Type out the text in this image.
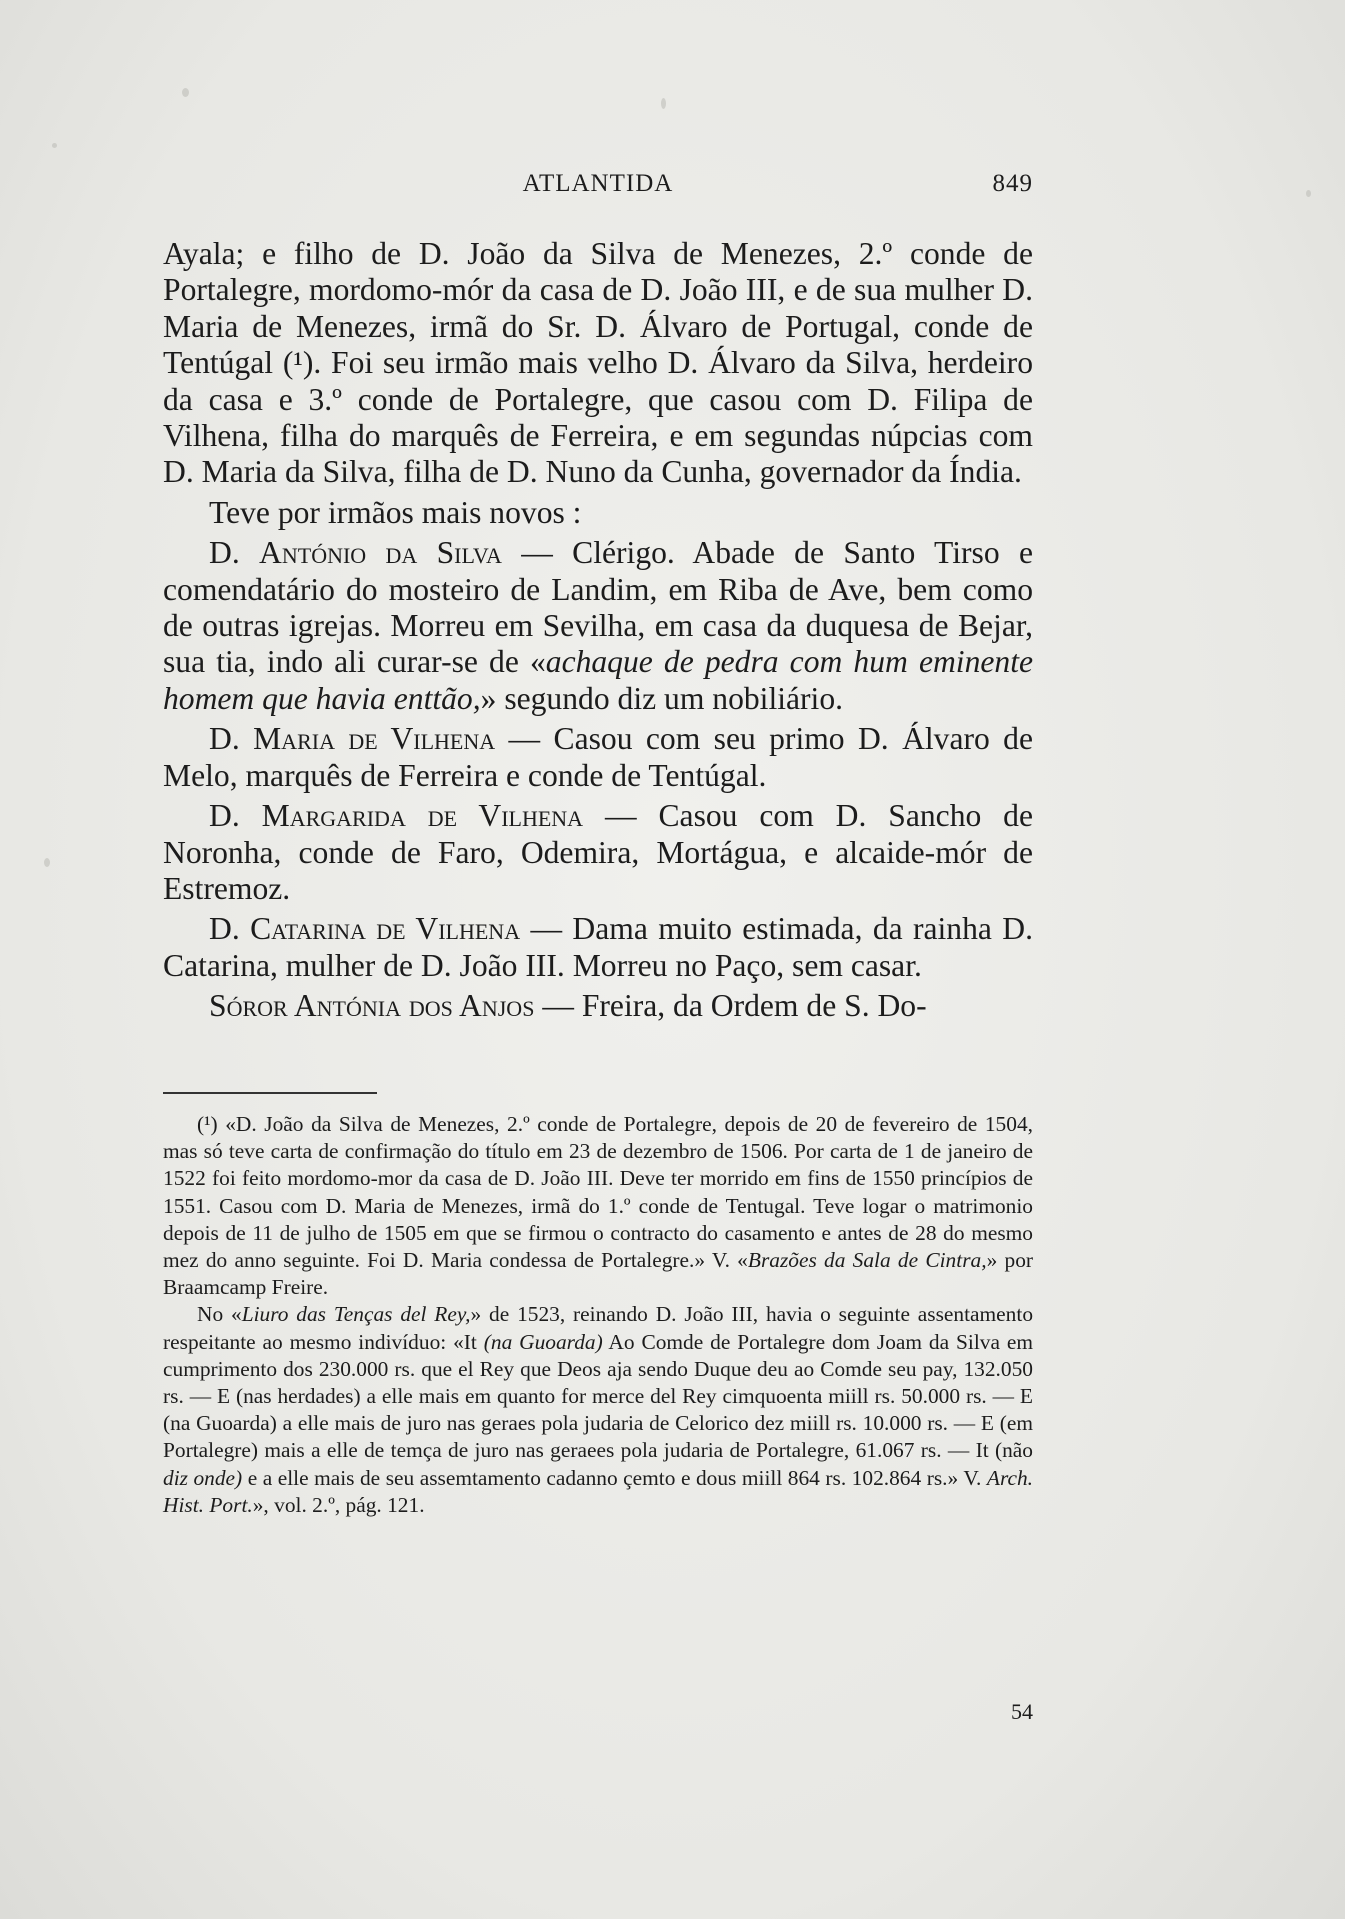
ATLANTIDA	849

Ayala; e filho de D. João da Silva de Menezes, 2.º conde de Portalegre, mordomo-mór da casa de D. João III, e de sua mulher D. Maria de Menezes, irmã do Sr. D. Álvaro de Portugal, conde de Tentúgal (¹). Foi seu irmão mais velho D. Álvaro da Silva, herdeiro da casa e 3.º conde de Portalegre, que casou com D. Filipa de Vilhena, filha do marquês de Ferreira, e em segundas núpcias com D. Maria da Silva, filha de D. Nuno da Cunha, governador da Índia.

Teve por irmãos mais novos :

D. António da Silva — Clérigo. Abade de Santo Tirso e comendatário do mosteiro de Landim, em Riba de Ave, bem como de outras igrejas. Morreu em Sevilha, em casa da duquesa de Bejar, sua tia, indo ali curar-se de «achaque de pedra com hum eminente homem que havia enttão,» segundo diz um nobiliário.

D. Maria de Vilhena — Casou com seu primo D. Álvaro de Melo, marquês de Ferreira e conde de Tentúgal.

D. Margarida de Vilhena — Casou com D. Sancho de Noronha, conde de Faro, Odemira, Mortágua, e alcaide-mór de Estremoz.

D. Catarina de Vilhena — Dama muito estimada, da rainha D. Catarina, mulher de D. João III. Morreu no Paço, sem casar.

Sóror Antónia dos Anjos — Freira, da Ordem de S. Do-

(¹) «D. João da Silva de Menezes, 2.º conde de Portalegre, depois de 20 de fevereiro de 1504, mas só teve carta de confirmação do título em 23 de dezembro de 1506. Por carta de 1 de janeiro de 1522 foi feito mordomo-mor da casa de D. João III. Deve ter morrido em fins de 1550 princípios de 1551. Casou com D. Maria de Menezes, irmã do 1.º conde de Tentugal. Teve logar o matrimonio depois de 11 de julho de 1505 em que se firmou o contracto do casamento e antes de 28 do mesmo mez do anno seguinte. Foi D. Maria condessa de Portalegre.» V. «Brazões da Sala de Cintra,» por Braamcamp Freire.

No «Liuro das Tenças del Rey,» de 1523, reinando D. João III, havia o seguinte assentamento respeitante ao mesmo indivíduo: «It (na Guoarda) Ao Comde de Portalegre dom Joam da Silva em cumprimento dos 230.000 rs. que el Rey que Deos aja sendo Duque deu ao Comde seu pay, 132.050 rs. — E (nas herdades) a elle mais em quanto for merce del Rey cimquoenta miill rs. 50.000 rs. — E (na Guoarda) a elle mais de juro nas geraes pola judaria de Celorico dez miill rs. 10.000 rs. — E (em Portalegre) mais a elle de temça de juro nas geraees pola judaria de Portalegre, 61.067 rs. — It (não diz onde) e a elle mais de seu assemtamento cadanno çemto e dous miill 864 rs. 102.864 rs.» V. Arch. Hist. Port.», vol. 2.º, pág. 121.

54
